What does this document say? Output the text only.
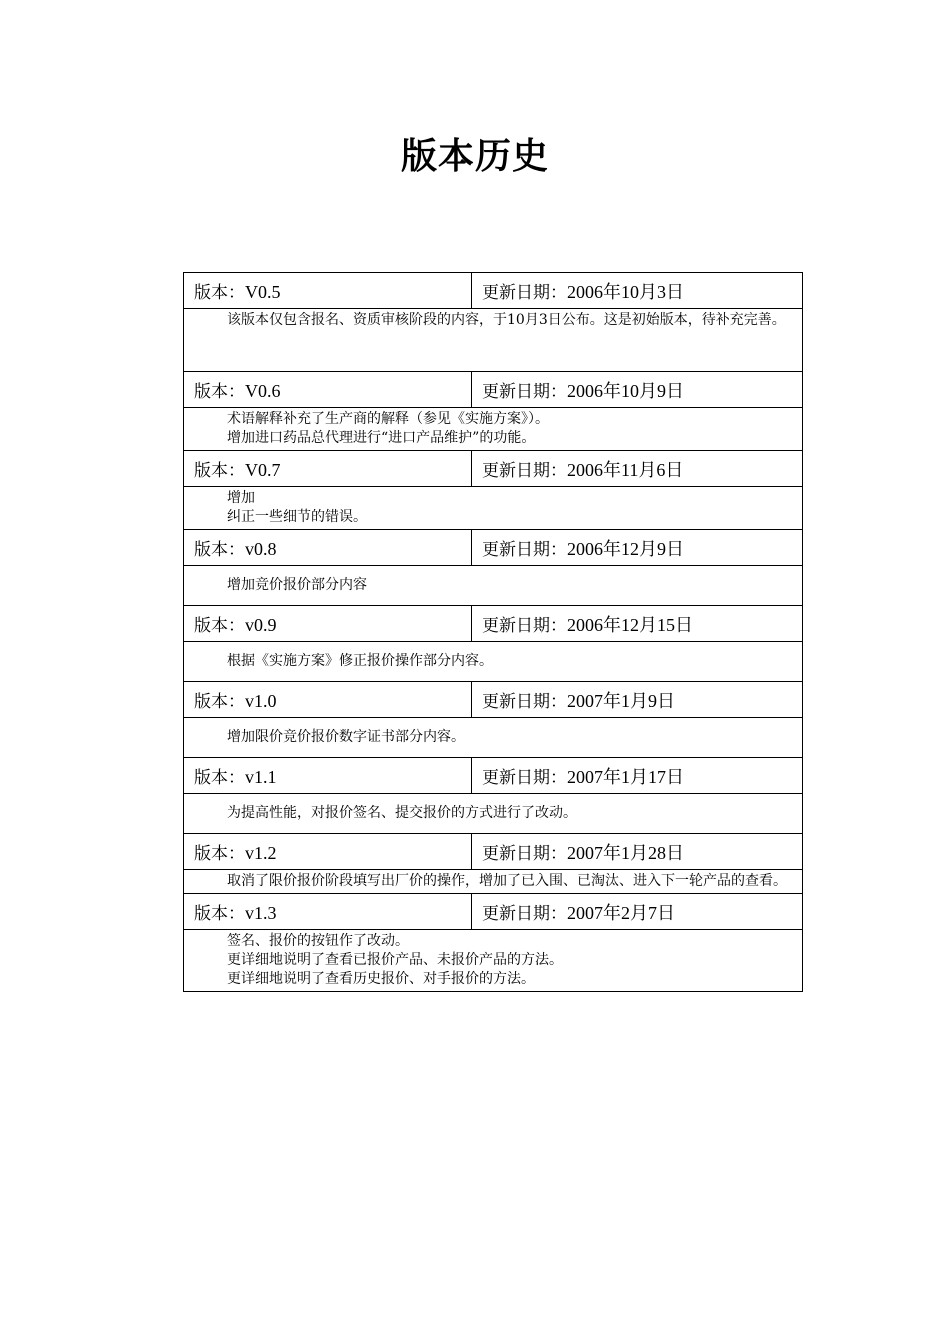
版本历史
版本：V0.5	更新日期：2006年10月3日

该版本仅包含报名、资质审核阶段的内容，于10月3日公布。这是初始版本，待补充完善。	

版本：V0.6	更新日期：2006年10月9日

术语解释补充了生产商的解释（参见《实施方案》）。
增加进口药品总代理进行“进口产品维护”的功能。	

版本：V0.7	更新日期：2006年11月6日

增加
纠正一些细节的错误。	

版本：v0.8	更新日期：2006年12月9日

增加竞价报价部分内容	

版本：v0.9	更新日期：2006年12月15日

根据《实施方案》修正报价操作部分内容。	

版本：v1.0	更新日期：2007年1月9日

增加限价竞价报价数字证书部分内容。	

版本：v1.1	更新日期：2007年1月17日

为提高性能，对报价签名、提交报价的方式进行了改动。	

版本：v1.2	更新日期：2007年1月28日

取消了限价报价阶段填写出厂价的操作，增加了已入围、已淘汰、进入下一轮产品的查看。	

版本：v1.3	更新日期：2007年2月7日

签名、报价的按钮作了改动。
更详细地说明了查看已报价产品、未报价产品的方法。
更详细地说明了查看历史报价、对手报价的方法。	
